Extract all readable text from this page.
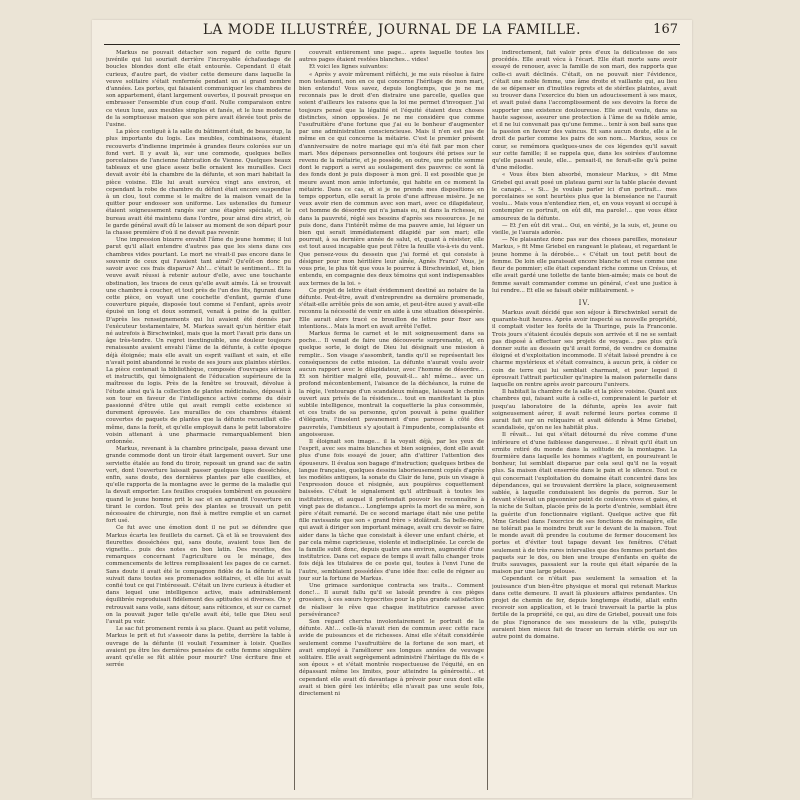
LA MODE ILLUSTRÉE, JOURNAL DE LA FAMILLE.	167

Markus ne pouvait détacher son regard de cette figure juvénile qui lui souriait derrière l'incroyable échafaudage de boucles blondes dont elle était entourée. Cependant il était curieux, d'autre part, de visiter cette demeure dans laquelle la veuve solitaire s'était renfermée pendant un si grand nombre d'années. Les portes, qui faisaient communiquer les chambres de son appartement, étant largement ouvertes, il pouvait presque en embrasser l'ensemble d'un coup d'œil. Nulle comparaison entre ce vieux luxe, aux meubles simples et fanés, et le luxe moderne de la somptueuse maison que son père avait élevée tout près de l'usine.

La pièce contiguë à la salle du bâtiment était, de beaucoup, la plus importante du logis. Les meubles, combinaisons, étaient recouverts d'indienne imprimée à grandes fleurs colorées sur un fond vert. Il y avait là, sur une commode, quelques belles porcelaines de l'ancienne fabrication de Vienne. Quelques beaux tableaux et une glace assez belle ornaient les murailles. Ceci devait avoir été la chambre de la défunte, et son mari habitait la pièce voisine. Elle lui avait survécu vingt ans environ, et cependant la robe de chambre du défunt était encore suspendue à un clou, tout comme si le maître de la maison venait de la quitter pour endosser son uniforme. Les ustensiles du fumeur étaient soigneusement rangés sur une étagère spéciale, et le bureau avait été maintenu dans l'ordre, pour ainsi dire strict, où le garde général avait dû le laisser au moment de son départ pour la chasse première d'où il ne devait pas revenir.

Une impression bizarre envahit l'âme du jeune homme; il lui parut qu'il allait entendre d'autres pas que les siens dans ces chambres vides pourtant. Le mort ne vivait-il pas encore dans le souvenir de ceux qui l'avaient tant aimé? Qu'eût-on donc pu savoir avec ces frais disparus? Ah!... c'était le sentiment... Et la veuve avait réussi à retenir autour d'elle, avec une touchante obstination, les traces de ceux qu'elle avait aimés. Là se trouvait une chambre à coucher, et tout près de l'un des lits, figurant dans cette pièce, on voyait une couchette d'enfant, garnie d'une couverture piquée, disposée tout comme si l'enfant, après avoir épuisé un long et doux sommeil, venait à peine de la quitter. D'après les renseignements qui lui avaient été donnés par l'exécuteur testamentaire, M. Markus savait qu'un héritier était né autrefois à Birschwinkel, mais que la mort l'avait pris dans un âge très-tendre. Un regret inextinguible, une douleur toujours renaissante avaient envahi l'âme de la défunte, à cette époque déjà éloignée; mais elle avait un esprit vaillant et sain, et elle n'avait point abandonné le reste de ses jours aux plaintes stériles. La pièce contenait la bibliothèque, composée d'ouvrages sérieux et instructifs, qui témoignaient de l'éducation supérieure de la maîtresse du logis. Près de la fenêtre se trouvait, dévolue à l'étude ainsi qu'à la collection de plantes médicinales, déposait à son tour en faveur de l'intelligence active comme du désir passionné d'être utile qui avait rempli cette existence si durement éprouvée. Les murailles de ces chambres étaient couvertes de paquets de plantes que la défunte recueillait elle-même, dans la forêt, et qu'elle employait dans le petit laboratoire voisin attenant à une pharmacie remarquablement bien ordonnée.

Markus, revenant à la chambre principale, passa devant une grande commode dont un tiroir était largement ouvert. Sur une serviette étalée au fond du tiroir, reposait un grand sac de satin vert, dont l'ouverture laissait passer quelques tiges desséchées, enfin, sans doute, des dernières plantes par elle cueillies, et qu'elle rapporta de la montagne avec le germe de la maladie qui la devait emporter. Les feuilles croquées tombèrent en poussière quand le jeune homme prit le sac et en agrandit l'ouverture en tirant le cordon. Tout près des plantes se trouvait un petit nécessaire de chirurgie, non fixé à mettre remplie et un carnet fort usé.

Ce fut avec une émotion dont il ne put se défendre que Markus écarta les feuillets du carnet. Çà et là se trouvaient des fleurettes desséchées qui, sans doute, avaient tous lien de vignette... puis des notes en bon latin. Des recettes, des remarques concernant l'agriculture ou le ménage, des commencements de lettres remplissaient les pages de ce carnet. Sans doute il avait été le compagnon fidèle de la défunte et la suivait dans toutes ses promenades solitaires, et elle lui avait confié tout ce qui l'intéressait. C'était un livre curieux à étudier et dans lequel une intelligence active, mais admirablement équilibrée reproduisait fidèlement des aptitudes si diverses. On y retrouvait sans voile, sans détour, sans réticence, et sur ce carnet on la pouvait juger telle qu'elle avait été, telle que Dieu seul l'avait pu voir.

Le sac fut promenent remis à sa place. Quant au petit volume, Markus le prit et fut s'asseoir dans la petite, derrière la table à ouvrage de la défunte (il voulait l'examiner à loisir. Quelles avaient pu être les dernières pensées de cette femme singulière avant qu'elle se fût alitée pour mourir? Une écriture fine et serrée

couvrait entièrement une page... après laquelle toutes les autres pages étaient restées blanches... vides!

Et voici les lignes suivantes:

« Après y avoir mûrement réfléchi, je me suis résolue à faire mon testament, non en ce qui concerne l'héritage de mon mari, bien entendu! Vous savez, depuis longtemps, que je ne me reconnais pas le droit d'en distraire une parcelle, quelles que soient d'ailleurs les raisons que la loi me permet d'invoquer. J'ai toujours pensé que la légalité et l'équité étaient deux choses distinctes, sinon opposées. Je ne me considère que comme l'usufruitière d'une fortune que j'ai eu le bonheur d'augmenter par une administration consciencieuse. Mais il n'en est pas de même en ce qui concerne la métairie. C'est le premier présent d'anniversaire de notre mariage qui m'a été fait par mon cher mari. Mes dépenses personnelles ont toujours été prises sur le revenu de la métairie, et je possède, en outre, une petite somme dont le rapport a servi au soulagement des pauvres: ce sont là des fonds dont je puis disposer à mon gré. Il est possible que je meure avant mon amie infortunée, qui habite en ce moment la métairie. Dans ce cas, et si je ne prends mes dispositions en temps opportun, elle serait la proie d'une affreuse misère. Je ne veux avoir rien de commun avec son mari, avec ce dilapidateur, cet homme de désordre qui n'a jamais eu, ni dans la richesse, ni dans la pauvreté, réglé ses besoins d'après ses ressources. Je ne puis donc, dans l'intérêt même de ma pauvre amie, lui léguer un bien qui serait immédiatement dilapidé par son mari; elle pourrait, à sa dernière année de salut, et, quant à résister, elle est tout aussi incapable que peut l'être la feuille vis-à-vis du vent. Que pensez-vous du dessein que j'ai formé et qui consiste à désigner pour mon héritière leur aînée, Agnès Franz? Vous, je vous prie, le plus tôt que vous le pourrez à Birschwinkel, et, bien entendu, en compagnie des deux témoins qui sont indispensables aux termes de la loi. »

Ce projet de lettre était évidemment destiné au notaire de la défunte. Peut-être, avait d'entreprendre sa dernière promenade, s'était-elle arrêtée près de son amie, et peut-être aussi y avait-elle reconnu la nécessité de venir en aide à une situation désespérée. Elle aurait alors tracé ce brouillon de lettre pour fixer ses intentions... Mais la mort en avait arrêté l'effet.

Markus ferma le carnet et le mit soigneusement dans sa poche... Il venait de faire une découverte surprenante, et, en quelque sorte, le doigt de Dieu lui désignait une mission à remplir... Son visage s'assombrit, tandis qu'il se représentait les conséquences de cette mission. La défunte n'aurait voulu avoir aucun rapport avec le dilapidateur, avec l'homme de désordre... Et son héritier malgré elle, pouvait-il... ah! même... avec un profond mécontentement, l'aisance de la déchéance, la ruine de la régie, l'entourage d'un scandaleux ménage, laissant le chemin ouvert aux privés de la résidence... tout en manifestant la plus subtile intelligence, montrait la coquetterie la plus consommée, et ces traits de sa personne, qu'on pouvait à peine qualifier d'élégants, l'insolent pavanement d'une paresse à côté des pauvretés, l'ambitieux s'y ajoutait à l'impudente, complaisante et angoisseuse.

Il éloignait son image... il la voyait déjà, par les yeux de l'esprit, avec ses mains blanches et bien soignées, dont elle avait plus d'une fois essayé de jouer, afin d'attirer l'attention des épouseurs. Il évalua son bagage d'instruction; quelques bribes de langue française, quelques dessins laborieusement copiés d'après les modèles antiques, la sonate du Clair de lune, puis un visage à l'expression douce et résignée, aux poupières coquettement baissées. C'était le signalement qu'il attribuait à toutes les institutrices, et auquel il prétendait pouvoir les reconnaître à vingt pas de distance... Longtemps après la mort de sa mère, son père s'était remarié. De ce second mariage était née une petite fille ravissante que son « grand frère » idolâtrait. Sa belle-mère, qui avait à diriger son important ménage, avait cru devoir se faire aider dans la tâche que consistait à élever une enfant chérie, et par cela même capricieuse, violente et indisciplinée. Le cercle de la famille subit donc, depuis quatre ans environ, augmenté d'une institutrice. Dans cet espace de temps il avait fallu changer trois fois déjà les titulaires de ce poste qui, toutes à l'envi l'une de l'autre, semblaient possédées d'une idée fixe: celle de régner au jour sur la fortune de Markus.

Une grimace sardonique contracta ses traits... Comment donc!... Il aurait fallu qu'il se laissât prendre à ces pièges grossiers, à ces sœurs hypocrites pour la plus grande satisfaction de réaliser le rêve que chaque institutrice caresse avec persévérance?

Son regard chercha involontairement le portrait de la défunte. Ah!... celle-là n'avait rien de commun avec cette race avide de puissances et de richesses. Ainsi elle s'était considérée seulement comme l'usufruitière de la fortune de son mari, et avait employé à l'améliorer ses longues années de veuvage solitaire. Elle avait segrègement administré l'héritage du fils de « son époux » et s'était montrée respectueuse de l'équité, en en dépassant même les limites, pour atteindre la générosité... et cependant elle avait dû davantage à prévoir pour ceux dont elle avait si bien géré les intérêts; elle n'avait pas une seule fois, directement ni

indirectement, fait valoir près d'eux la délicatesse de ses procédés. Elle avait vécu à l'écart. Elle était morte sans avoir essayé de renouer, avec la famille de son mari, des rapports que celle-ci avait déclinés. C'était, on ne pouvait nier l'évidence, c'était une noble femme, une âme droite et vaillante qui, au lieu de se dépenser en d'inutiles regrets et de stériles plaintes, avait su trouver dans l'exercice du bien un adoucissement à ses maux, et avait puisé dans l'accomplissement de ses devoirs la force de supporter une existence douloureuse. Elle avait voulu, dans sa haute sagesse, assurer une protection à l'âme de sa fidèle amie, et il ne lui convenait pas qu'une femme... tenir à son bail sans que la passion en faveur des vaincus. Et sans aucun doute, elle a le droit de parler comme les pairs de son nom... Markus, sous ce cœur, se remémora quelques-unes de ces légendes qu'il savait sur cette famille; il se rappela que, dans les soirées d'automne qu'elle passait seule, elle... pensait-il, ne ferait-elle qu'à peine d'une mélodie.

« Vous êtes bien absorbé, monsieur Markus, » dit Mme Griebel qui avait posé un plateau garni sur la table placée devant le canapé... « Si... Je voulais parler ici d'un portrait... mes porcelaines se sont heurtées plus que la bienséance ne l'aurait voulu... Mais vous n'entendiez rien, et, en vous voyant si occupé à contempler ce portrait, on eût dit, ma parole!... que vous étiez amoureux de la défunte.

— Et j'en eût dit vrai... Oui, en vérité, je la suis, et, jeune ou vieille, je l'aurais adorée.

— Ne plaisantez donc pas sur des choses pareilles, monsieur Markus, » fit Mme Griebel en rangeant le plateau, et regardant le jeune homme à la dérobée... « C'était un tout petit bout de femme. De loin elle paraissait encore blanche et rose comme une fleur de pommier; elle était cependant riche comme un Crésus, et elle avait gardé une toilette de tante bien-aimée; mais ce bout de femme savait commander comme un général, c'est une justice à lui rendre... Et elle se faisait obéir militairement. »

IV.

Markus avait décidé que son séjour à Birschwinkel serait de quarante-huit heures. Après avoir inspecté sa nouvelle propriété, il comptait visiter les forêts de la Thuringe, puis la Franconie. Trois jours s'étaient écoulés depuis son arrivée et il ne se sentait pas disposé à effectuer ses projets de voyage... pas plus qu'à donner suite au dessein qu'il avait formé, de vendre ce domaine éloigné et d'exploitation incommode. Il s'était laissé prendre à ce charme mystérieux et s'était convaincu, à aucun prix, à céder ce coin de terre qui lui semblait charmant, et pour lequel il éprouvait l'attrait particulier qu'inspire la maison paternelle dans laquelle on rentre après avoir parcouru l'univers.

Il habitait la chambre de la salle et la pièce voisine. Quant aux chambres qui, faisant suite à celle-ci, comprenaient le parloir et jusqu'au laboratoire de la défunte, après les avoir fait soigneusement aérer, il avait refermé leurs portes comme il aurait fait sur un reliquaire et avait défendu à Mme Griebel, scandalisée, qu'on ne les habitât plus.

Il rêvait... lui qui s'était détourné du rêve comme d'une inférieure et d'une faiblesse dangereuse... il rêvait qu'il était un ermite retiré du monde dans la solitude de la montagne. La fourmière dans laquelle les hommes s'agitent, en poursuivant le bonheur, lui semblait disparue par cela seul qu'il ne la voyait plus. Sa maison était enserrée dans le pain et le silence. Tout ce qui concernait l'exploitation du domaine était concentré dans les dépendances, qui se trouvaient derrière la place, soigneusement sablée, à laquelle conduisaient les degrés du perron. Sur le devant s'élevait un pigeonnier peint de couleurs vives et gaies, et la niche de Sultan, placée près de la porte d'entrée, semblait être la guérite d'un fonctionnaire vigilant. Quelque active que fût Mme Griebel dans l'exercice de ses fonctions de ménagère, elle ne tolérait pas le moindre bruit sur le devant de la maison. Tout le monde avait dû prendre la coutume de fermer doucement les portes et d'éviter tout tapage devant les fenêtres. C'était seulement à de très rares intervalles que des femmes portant des paquets sur le dos, ou bien une troupe d'enfants en quête de fruits sauvages, passaient sur la route qui était séparée de la maison par une large pelouse.

Cependant ce n'était pas seulement la sensation et la jouissance d'un bien-être physique et moral qui retenait Markus dans cette demeure. Il avait là plusieurs affaires pendantes. Un projet de chemin de fer, depuis longtemps étudié, allait enfin recevoir son application, et le tracé traversait la partie la plus fertile de la propriété, ce qui, au dire de Griebel, pouvait une fois de plus l'ignorance de ses messieurs de la ville, puisqu'ils auraient bien mieux fait de tracer un terrain stérile ou sur un autre point du domaine.
